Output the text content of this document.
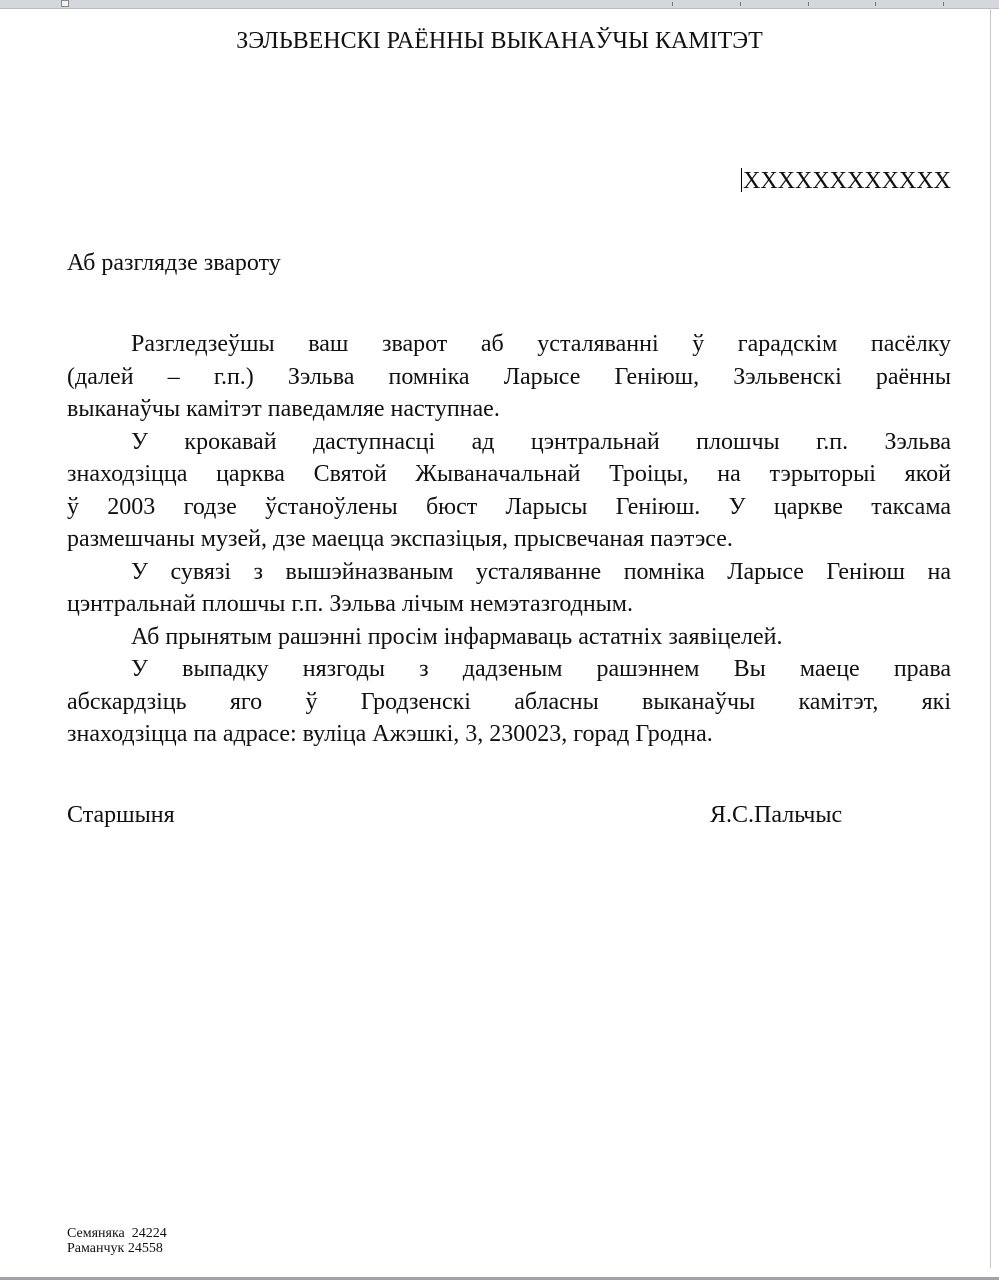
ЗЭЛЬВЕНСКІ РАЁННЫ ВЫКАНАЎЧЫ КАМІТЭТ
ХХХХХХХХХХХХ
Аб разглядзе звароту
Разгледзеўшы ваш зварот аб усталяванні ў гарадскім пасёлку
(далей – г.п.) Зэльва помніка Ларысе Геніюш, Зэльвенскі раённы
выканаўчы камітэт паведамляе наступнае.
У крокавай дaступнасці ад цэнтральнай плошчы г.п. Зэльва
знаходзіцца царква Святой Жыванaчальнай Троіцы, на тэрыторыі якой
ў 2003 годзе ўстаноўлены бюст Ларысы Геніюш. У царкве таксама
размешчаны музей, дзе маецца экспазіцыя, прысвечаная паэтэсе.
У сувязі з вышэйназваным усталяванне помніка Ларысе Геніюш на
цэнтральнай плошчы г.п. Зэльва лічым немэтазгодным.
Аб прынятым рашэнні просім інфармаваць астатніх заявіцелей.
У выпадку нязгоды з дадзеным рашэннем Вы маеце права
абскардзіць яго ў Гродзенскі абласны выканаўчы камітэт, які
знаходзіцца па адрасе: вуліца Ажэшкі, 3, 230023, горад Гродна.
Старшыня	Я.С.Пальчыс
Семяняка  24224
Раманчук 24558
